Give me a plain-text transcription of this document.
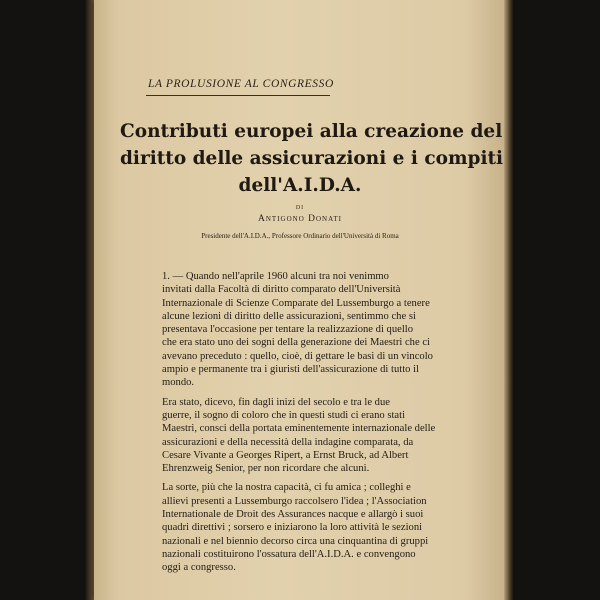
LA PROLUSIONE AL CONGRESSO
Contributi europei alla creazione del
diritto delle assicurazioni e i compiti
dell'A.I.D.A.
DI
Antigono Donati
Presidente dell'A.I.D.A., Professore Ordinario dell'Università di Roma

1. — Quando nell'aprile 1960 alcuni tra noi venimmo
invitati dalla Facoltà di diritto comparato dell'Università
Internazionale di Scienze Comparate del Lussemburgo a tenere
alcune lezioni di diritto delle assicurazioni, sentimmo che si
presentava l'occasione per tentare la realizzazione di quello
che era stato uno dei sogni della generazione dei Maestri che ci
avevano preceduto : quello, cioè, di gettare le basi di un vincolo
ampio e permanente tra i giuristi dell'assicurazione di tutto il
mondo.

Era stato, dicevo, fin dagli inizi del secolo e tra le due
guerre, il sogno di coloro che in questi studi ci erano stati
Maestri, consci della portata eminentemente internazionale delle
assicurazioni e della necessità della indagine comparata, da
Cesare Vivante a Georges Ripert, a Ernst Bruck, ad Albert
Ehrenzweig Senior, per non ricordare che alcuni.

La sorte, più che la nostra capacità, ci fu amica ; colleghi e
allievi presenti a Lussemburgo raccolsero l'idea ; l'Association
Internationale de Droit des Assurances nacque e allargò i suoi
quadri direttivi ; sorsero e iniziarono la loro attività le sezioni
nazionali e nel biennio decorso circa una cinquantina di gruppi
nazionali costituirono l'ossatura dell'A.I.D.A. e convengono
oggi a congresso.
